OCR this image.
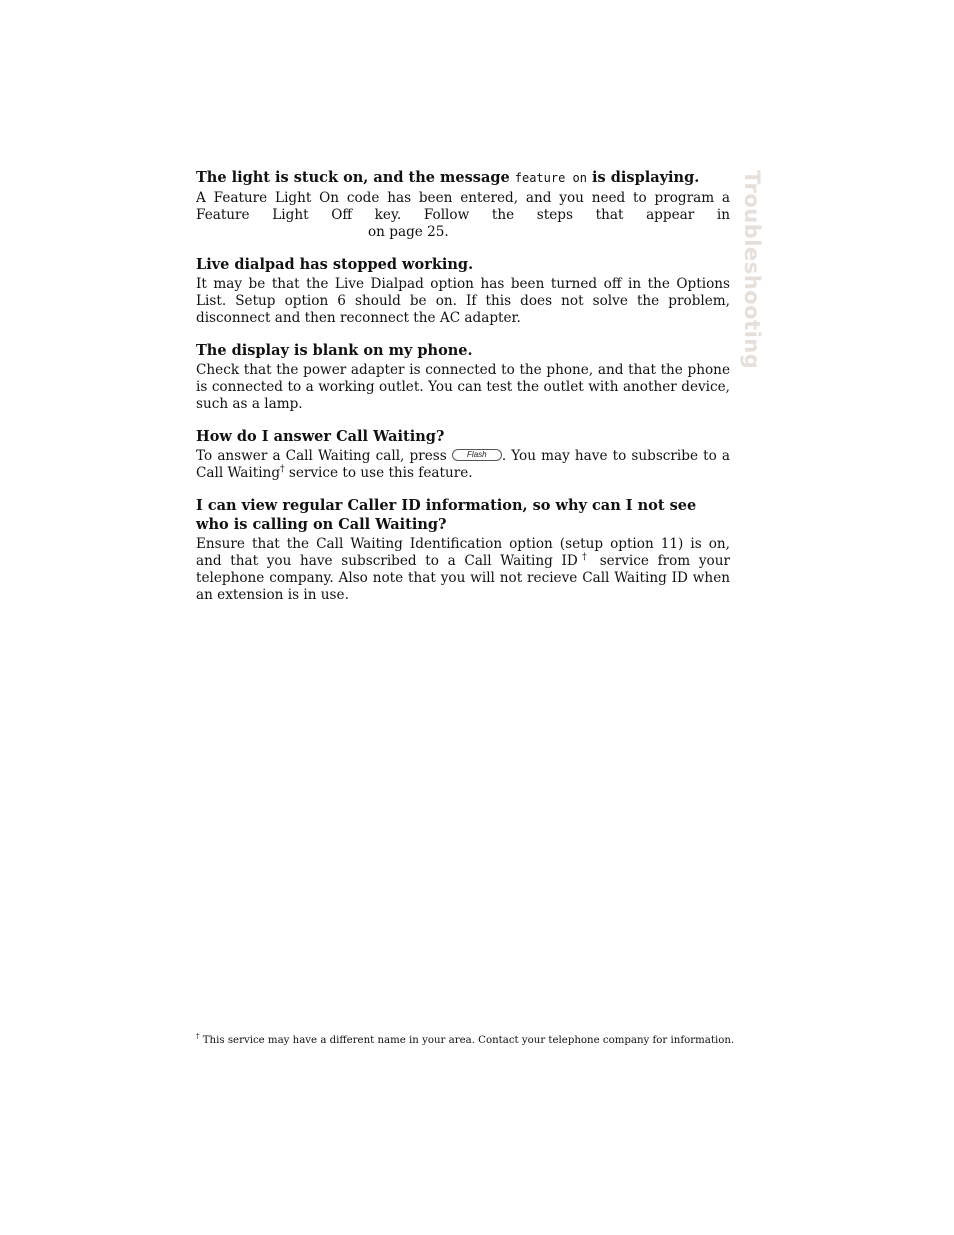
Troubleshooting

The light is stuck on, and the message feature on is displaying.

A Feature Light On code has been entered, and you need to program a Feature Light Off key. Follow the steps that appear inon page 25.

Live dialpad has stopped working.

It may be that the Live Dialpad option has been turned off in the Options List. Setup option 6 should be on. If this does not solve the problem, disconnect and then reconnect the AC adapter.

The display is blank on my phone.

Check that the power adapter is connected to the phone, and that the phone is connected to a working outlet. You can test the outlet with another device, such as a lamp.

How do I answer Call Waiting?

To answer a Call Waiting call, press Flash . You may have to subscribe to a Call Waiting† service to use this feature.

I can view regular Caller ID information, so why can I not see who is calling on Call Waiting?

Ensure that the Call Waiting Identification option (setup option 11) is on, and that you have subscribed to a Call Waiting ID† service from your telephone company. Also note that you will not recieve Call Waiting ID when an extension is in use.

† This service may have a different name in your area. Contact your telephone company for information.
